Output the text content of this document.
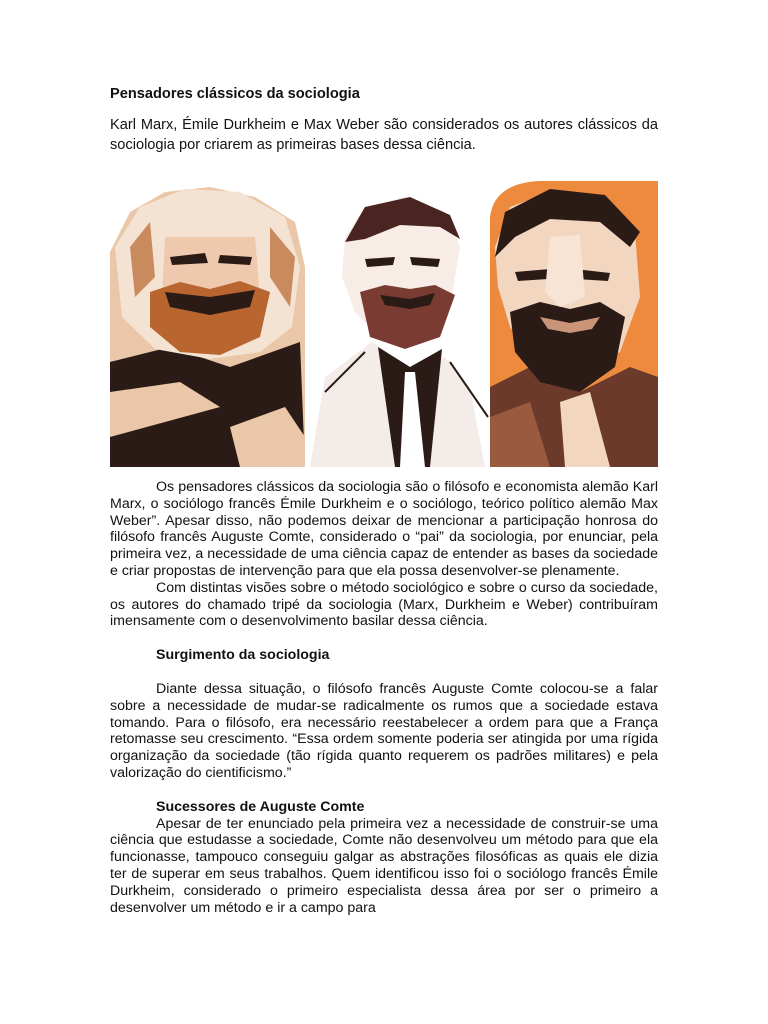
Pensadores clássicos da sociologia

Karl Marx, Émile Durkheim e Max Weber são considerados os autores clássicos da sociologia por criarem as primeiras bases dessa ciência.

Os pensadores clássicos da sociologia são o filósofo e economista alemão Karl Marx, o sociólogo francês Émile Durkheim e o sociólogo, teórico político alemão Max Weber”. Apesar disso, não podemos deixar de mencionar a participação honrosa do filósofo francês Auguste Comte, considerado o “pai” da sociologia, por enunciar, pela primeira vez, a necessidade de uma ciência capaz de entender as bases da sociedade e criar propostas de intervenção para que ela possa desenvolver-se plenamente.

Com distintas visões sobre o método sociológico e sobre o curso da sociedade, os autores do chamado tripé da sociologia (Marx, Durkheim e Weber) contribuíram imensamente com o desenvolvimento basilar dessa ciência.

Surgimento da sociologia

Diante dessa situação, o filósofo francês Auguste Comte colocou-se a falar sobre a necessidade de mudar-se radicalmente os rumos que a sociedade estava tomando. Para o filósofo, era necessário reestabelecer a ordem para que a França retomasse seu crescimento. “Essa ordem somente poderia ser atingida por uma rígida organização da sociedade (tão rígida quanto requerem os padrões militares) e pela valorização do cientificismo.”

Sucessores de Auguste Comte

Apesar de ter enunciado pela primeira vez a necessidade de construir-se uma ciência que estudasse a sociedade, Comte não desenvolveu um método para que ela funcionasse, tampouco conseguiu galgar as abstrações filosóficas as quais ele dizia ter de superar em seus trabalhos. Quem identificou isso foi o sociólogo francês Émile Durkheim, considerado o primeiro especialista dessa área por ser o primeiro a desenvolver um método e ir a campo para
